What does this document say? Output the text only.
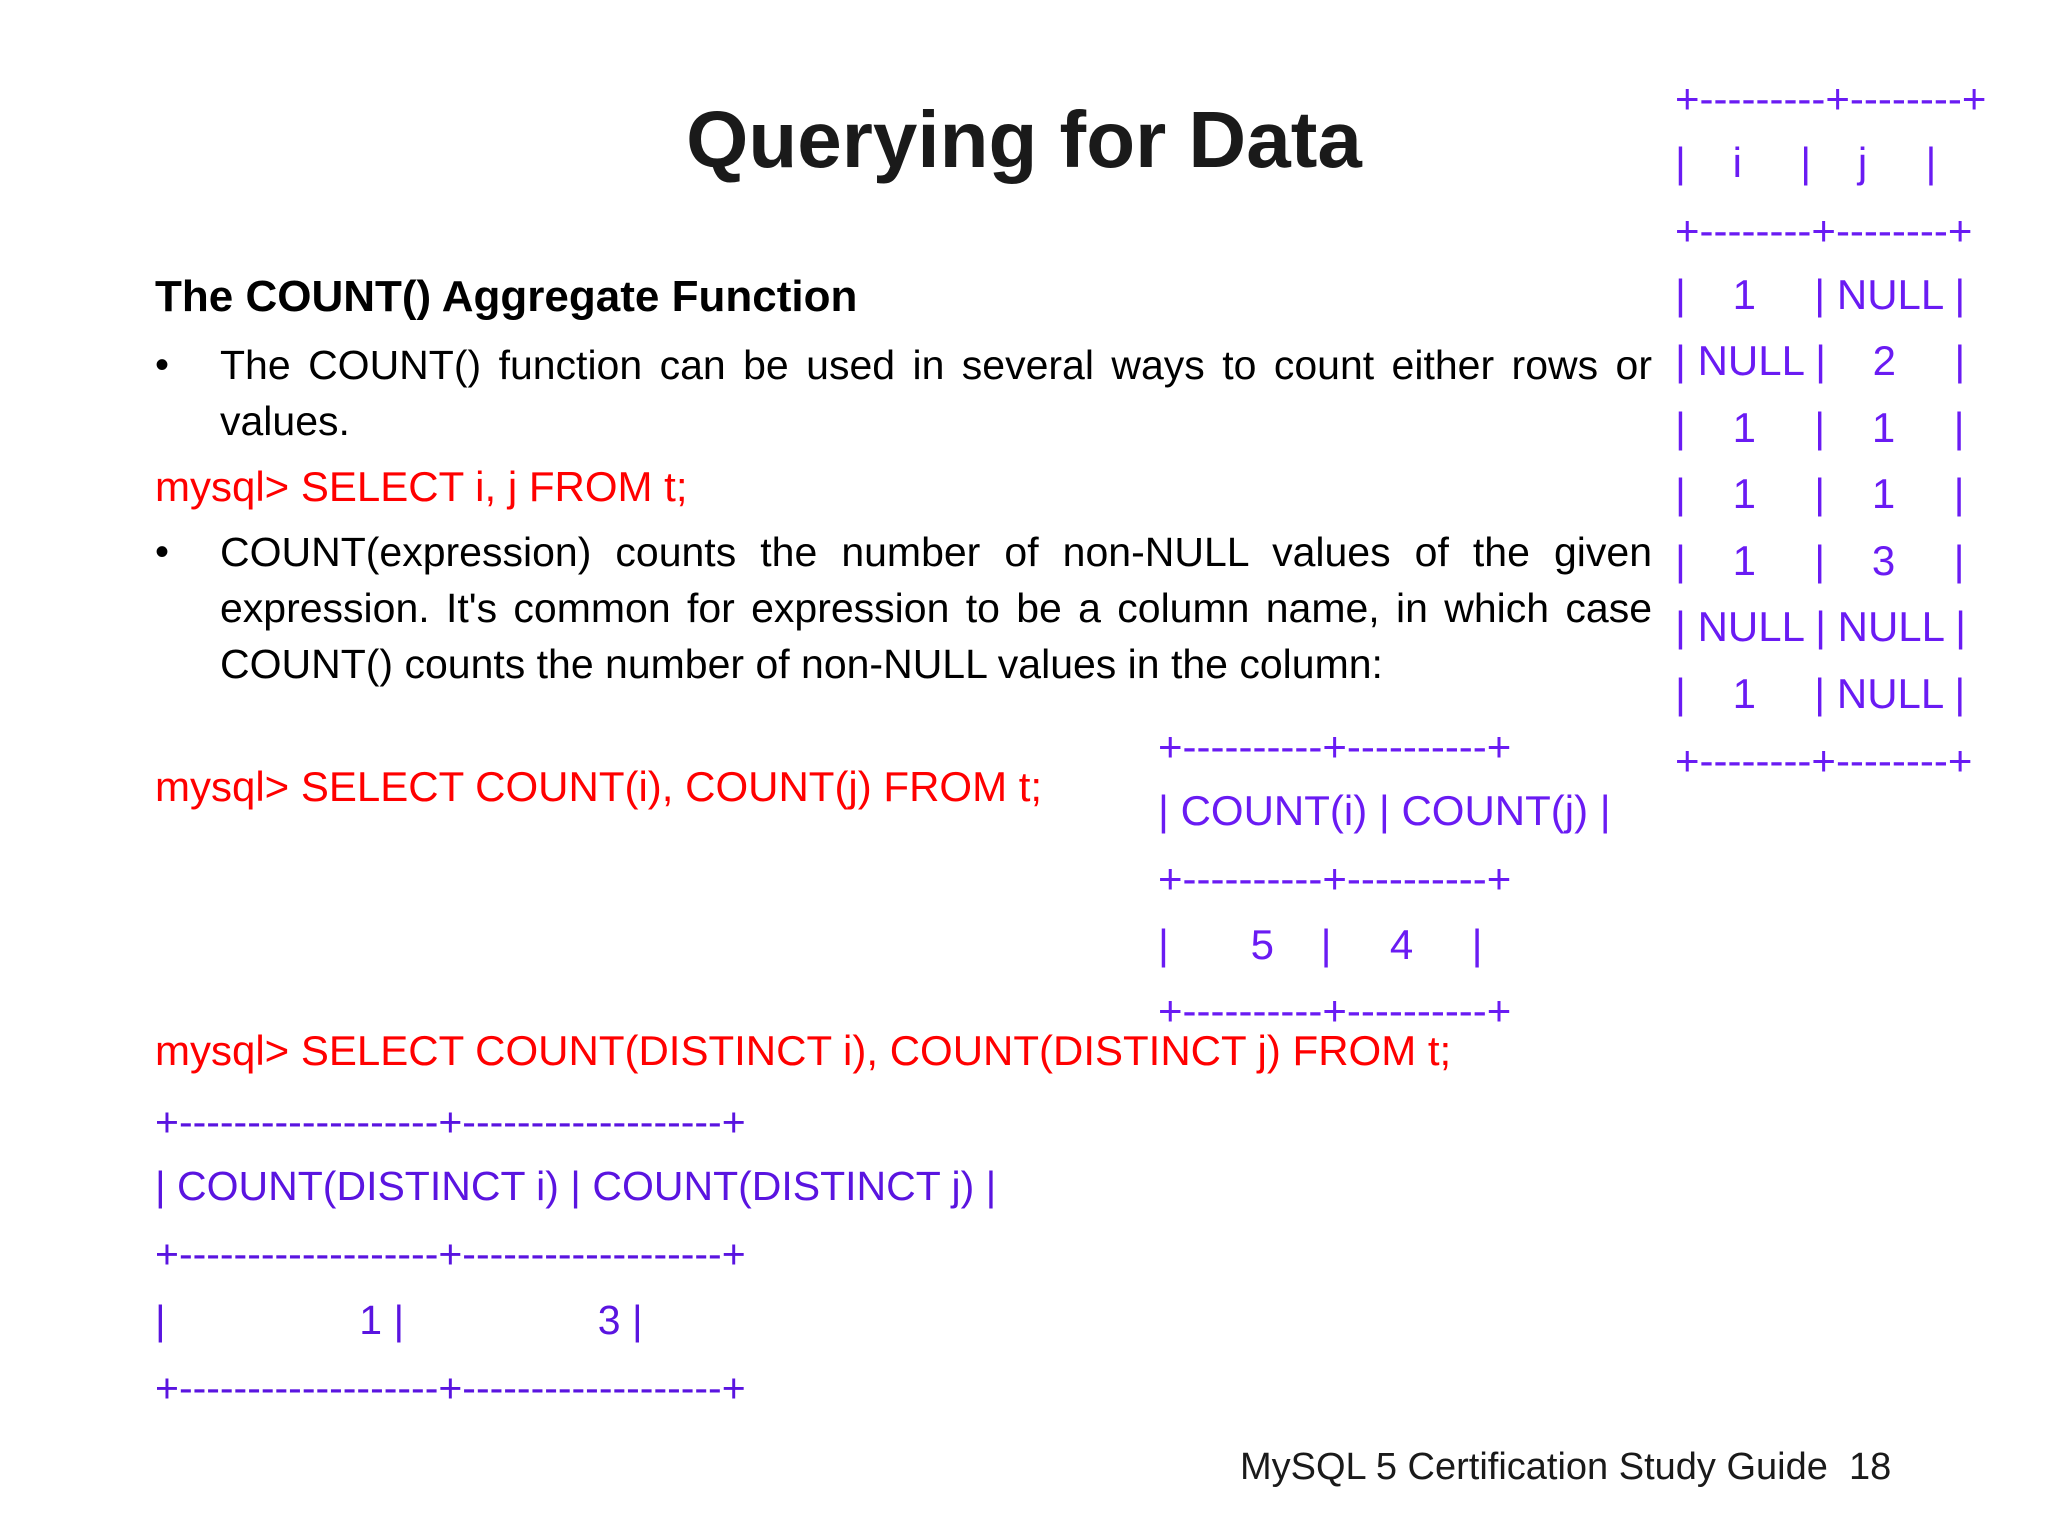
Querying for Data
The COUNT() Aggregate Function
• The COUNT() function can be used in several ways to count either rows or values.
mysql> SELECT i, j FROM t;
• COUNT(expression) counts the number of non-NULL values of the given expression. It's common for expression to be a column name, in which case COUNT() counts the number of non-NULL values in the column:
mysql> SELECT COUNT(i), COUNT(j) FROM t;
+---------+--------+
|    i     |    j     |
+--------+--------+
|    1     | NULL |
| NULL |    2     |
|    1     |    1     |
|    1     |    1     |
|    1     |    3     |
| NULL | NULL |
|    1     | NULL |
+--------+--------+
+----------+----------+
| COUNT(i) | COUNT(j) |
+----------+----------+
|       5    |     4     |
+----------+----------+
mysql> SELECT COUNT(DISTINCT i), COUNT(DISTINCT j) FROM t;
+-------------------+-------------------+
| COUNT(DISTINCT i) | COUNT(DISTINCT j) |
+-------------------+-------------------+
|                 1 |                 3 |
+-------------------+-------------------+
MySQL 5 Certification Study Guide  18
